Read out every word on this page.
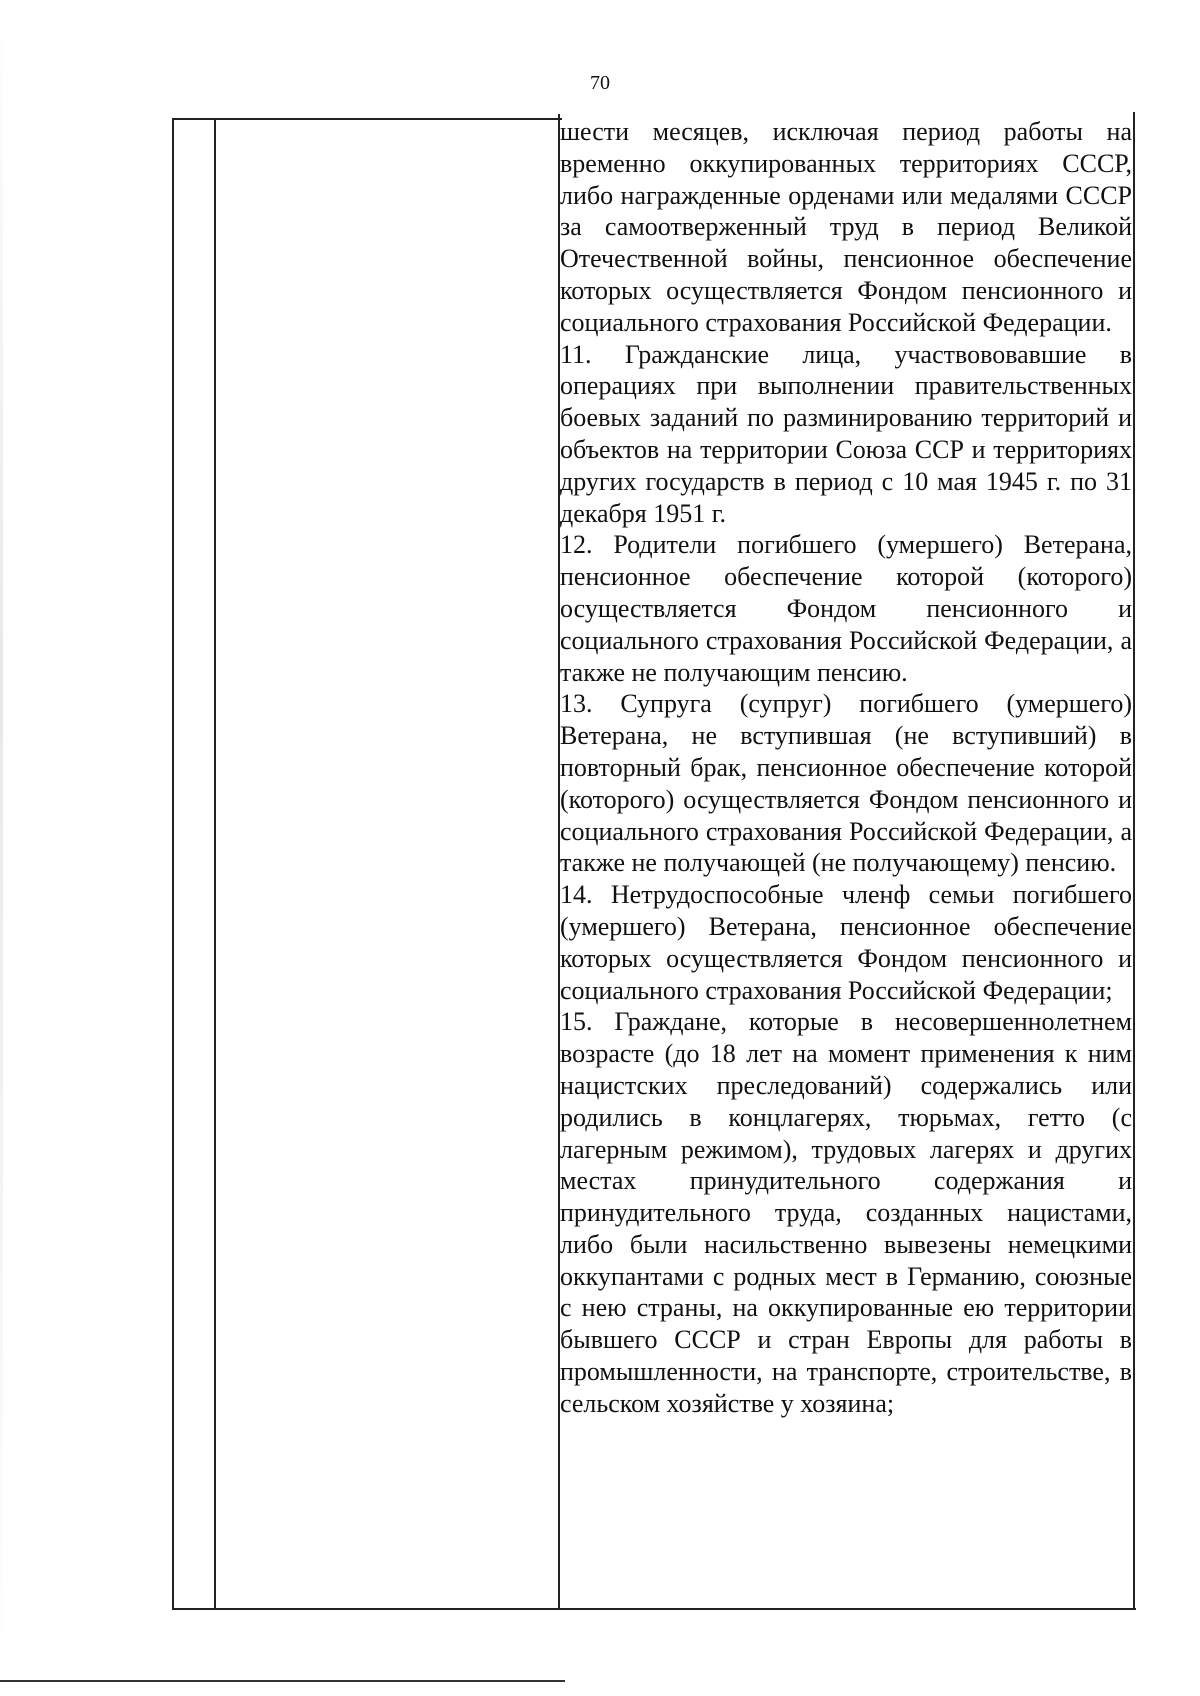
70

шести месяцев, исключая период работы на временно оккупированных территориях СССР, либо награжденные орденами или медалями СССР за самоотверженный труд в период Великой Отечественной войны, пенсионное обеспечение которых осуществляется Фондом пенсионного и социального страхования Российской Федерации.

11. Гражданские лица, участвововавшие в операциях при выполнении правительственных боевых заданий по разминированию территорий и объектов на территории Союза ССР и территориях других государств в период с 10 мая 1945 г. по 31 декабря 1951 г.

12. Родители погибшего (умершего) Ветерана, пенсионное обеспечение которой (которого) осуществляется Фондом пенсионного и социального страхования Российской Федерации, а также не получающим пенсию.

13. Супруга (супруг) погибшего (умершего) Ветерана, не вступившая (не вступивший) в повторный брак, пенсионное обеспечение которой (которого) осуществляется Фондом пенсионного и социального страхования Российской Федерации, а также не получающей (не получающему) пенсию.

14. Нетрудоспособные членф семьи погибшего (умершего) Ветерана, пенсионное обеспечение которых осуществляется Фондом пенсионного и социального страхования Российской Федерации;

15. Граждане, которые в несовершеннолетнем возрасте (до 18 лет на момент применения к ним нацистских преследований) содержались или родились в концлагерях, тюрьмах, гетто (с лагерным режимом), трудовых лагерях и других местах принудительного содержания и принудительного труда, созданных нацистами, либо были насильственно вывезены немецкими оккупантами с родных мест в Германию, союзные с нею страны, на оккупированные ею территории бывшего СССР и стран Европы для работы в промышленности, на транспорте, строительстве, в сельском хозяйстве у хозяина;
